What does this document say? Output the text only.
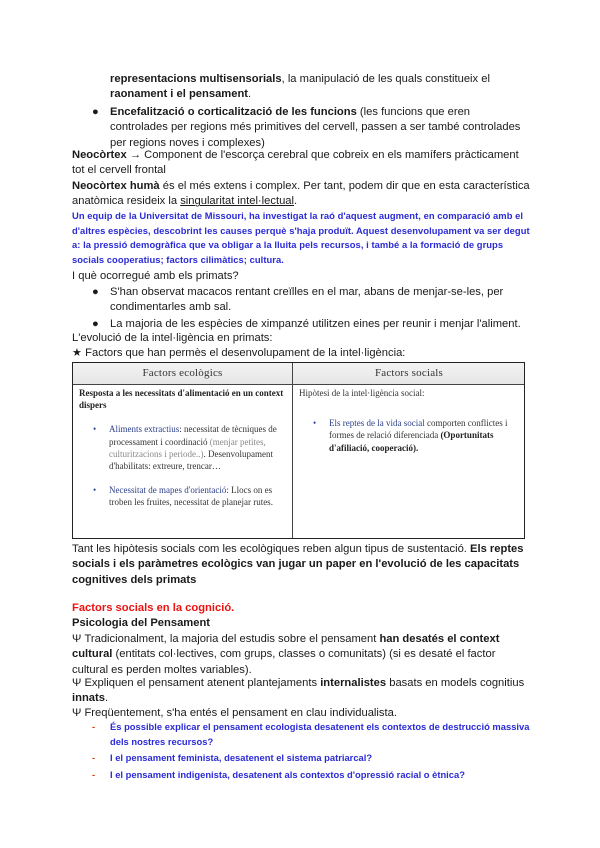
representacions multisensorials, la manipulació de les quals constitueix el
raonament i el pensament.
● Encefalització o corticalització de les funcions (les funcions que eren controlades per regions més primitives del cervell, passen a ser també controlades per regions noves i complexes)
Neocòrtex → Component de l'escorça cerebral que cobreix en els mamífers pràcticament tot el cervell frontal
Neocòrtex humà és el més extens i complex. Per tant, podem dir que en esta característica anatòmica resideix la singularitat intel·lectual.
Un equip de la Universitat de Missouri, ha investigat la raó d'aquest augment, en comparació amb el d'altres espècies, descobrint les causes perquè s'haja produït. Aquest desenvolupament va ser degut a: la pressió demogràfica que va obligar a la lluita pels recursos, i també a la formació de grups socials cooperatius; factors cilimàtics; cultura.
I què ocorregué amb els primats?
● S'han observat macacos rentant creïlles en el mar, abans de menjar-se-les, per condimentarles amb sal.
● La majoria de les espècies de ximpanzé utilitzen eines per reunir i menjar l'aliment.
L'evolució de la intel·ligència en primats:
★ Factors que han permès el desenvolupament de la intel·ligència:
Factors ecològics	Factors socials
Resposta a les necessitats d'alimentació en un context dispers
• Aliments extractius: necessitat de tècniques de processament i coordinació (menjar petites, culturitzacions i periode..). Desenvolupament d'habilitats: extreure, trencar…
• Necessitat de mapes d'orientació: Llocs on es troben les fruites, necessitat de planejar rutes.
Hipòtesi de la intel·ligència social:
• Els reptes de la vida social comporten conflictes i formes de relació diferenciada (Oportunitats d'afiliació, cooperació).
Tant les hipòtesis socials com les ecològiques reben algun tipus de sustentació. Els reptes socials i els paràmetres ecològics van jugar un paper en l'evolució de les capacitats cognitives dels primats
Factors socials en la cognició.
Psicologia del Pensament
Ψ Tradicionalment, la majoria del estudis sobre el pensament han desatés el context cultural (entitats col·lectives, com grups, classes o comunitats) (si es desaté el factor cultural es perden moltes variables).
Ψ Expliquen el pensament atenent plantejaments internalistes basats en models cognitius innats.
Ψ Freqüentement, s'ha entés el pensament en clau individualista.
- És possible explicar el pensament ecologista desatenent els contextos de destrucció massiva dels nostres recursos?
- I el pensament feminista, desatenent el sistema patriarcal?
- I el pensament indigenista, desatenent als contextos d'opressió racial o ètnica?
